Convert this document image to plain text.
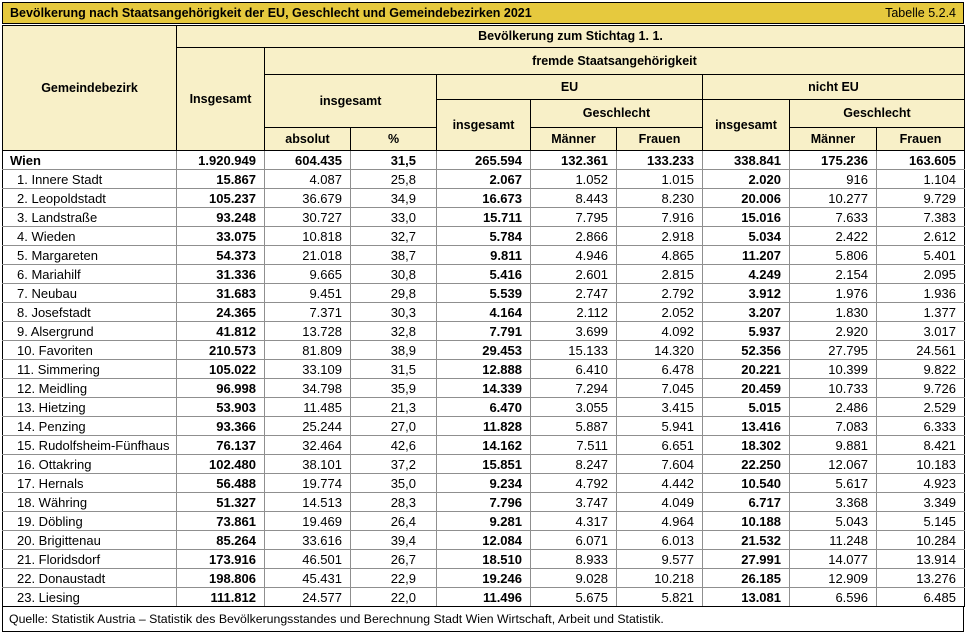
Bevölkerung nach Staatsangehörigkeit der EU, Geschlecht und Gemeindebezirken 2021	Tabelle 5.2.4
Gemeindebezirk	Bevölkerung zum Stichtag 1. 1.								
	Insgesamt	fremde Staatsangehörigkeit							
		insgesamt		EU			nicht EU		
				insgesamt	Geschlecht		insgesamt	Geschlecht	
		absolut	%		Männer	Frauen		Männer	Frauen
Wien	1.920.949	604.435	31,5	265.594	132.361	133.233	338.841	175.236	163.605
1. Innere Stadt	15.867	4.087	25,8	2.067	1.052	1.015	2.020	916	1.104
2. Leopoldstadt	105.237	36.679	34,9	16.673	8.443	8.230	20.006	10.277	9.729
3. Landstraße	93.248	30.727	33,0	15.711	7.795	7.916	15.016	7.633	7.383
4. Wieden	33.075	10.818	32,7	5.784	2.866	2.918	5.034	2.422	2.612
5. Margareten	54.373	21.018	38,7	9.811	4.946	4.865	11.207	5.806	5.401
6. Mariahilf	31.336	9.665	30,8	5.416	2.601	2.815	4.249	2.154	2.095
7. Neubau	31.683	9.451	29,8	5.539	2.747	2.792	3.912	1.976	1.936
8. Josefstadt	24.365	7.371	30,3	4.164	2.112	2.052	3.207	1.830	1.377
9. Alsergrund	41.812	13.728	32,8	7.791	3.699	4.092	5.937	2.920	3.017
10. Favoriten	210.573	81.809	38,9	29.453	15.133	14.320	52.356	27.795	24.561
11. Simmering	105.022	33.109	31,5	12.888	6.410	6.478	20.221	10.399	9.822
12. Meidling	96.998	34.798	35,9	14.339	7.294	7.045	20.459	10.733	9.726
13. Hietzing	53.903	11.485	21,3	6.470	3.055	3.415	5.015	2.486	2.529
14. Penzing	93.366	25.244	27,0	11.828	5.887	5.941	13.416	7.083	6.333
15. Rudolfsheim-Fünfhaus	76.137	32.464	42,6	14.162	7.511	6.651	18.302	9.881	8.421
16. Ottakring	102.480	38.101	37,2	15.851	8.247	7.604	22.250	12.067	10.183
17. Hernals	56.488	19.774	35,0	9.234	4.792	4.442	10.540	5.617	4.923
18. Währing	51.327	14.513	28,3	7.796	3.747	4.049	6.717	3.368	3.349
19. Döbling	73.861	19.469	26,4	9.281	4.317	4.964	10.188	5.043	5.145
20. Brigittenau	85.264	33.616	39,4	12.084	6.071	6.013	21.532	11.248	10.284
21. Floridsdorf	173.916	46.501	26,7	18.510	8.933	9.577	27.991	14.077	13.914
22. Donaustadt	198.806	45.431	22,9	19.246	9.028	10.218	26.185	12.909	13.276
23. Liesing	111.812	24.577	22,0	11.496	5.675	5.821	13.081	6.596	6.485
Quelle: Statistik Austria – Statistik des Bevölkerungsstandes und Berechnung Stadt Wien Wirtschaft, Arbeit und Statistik.
